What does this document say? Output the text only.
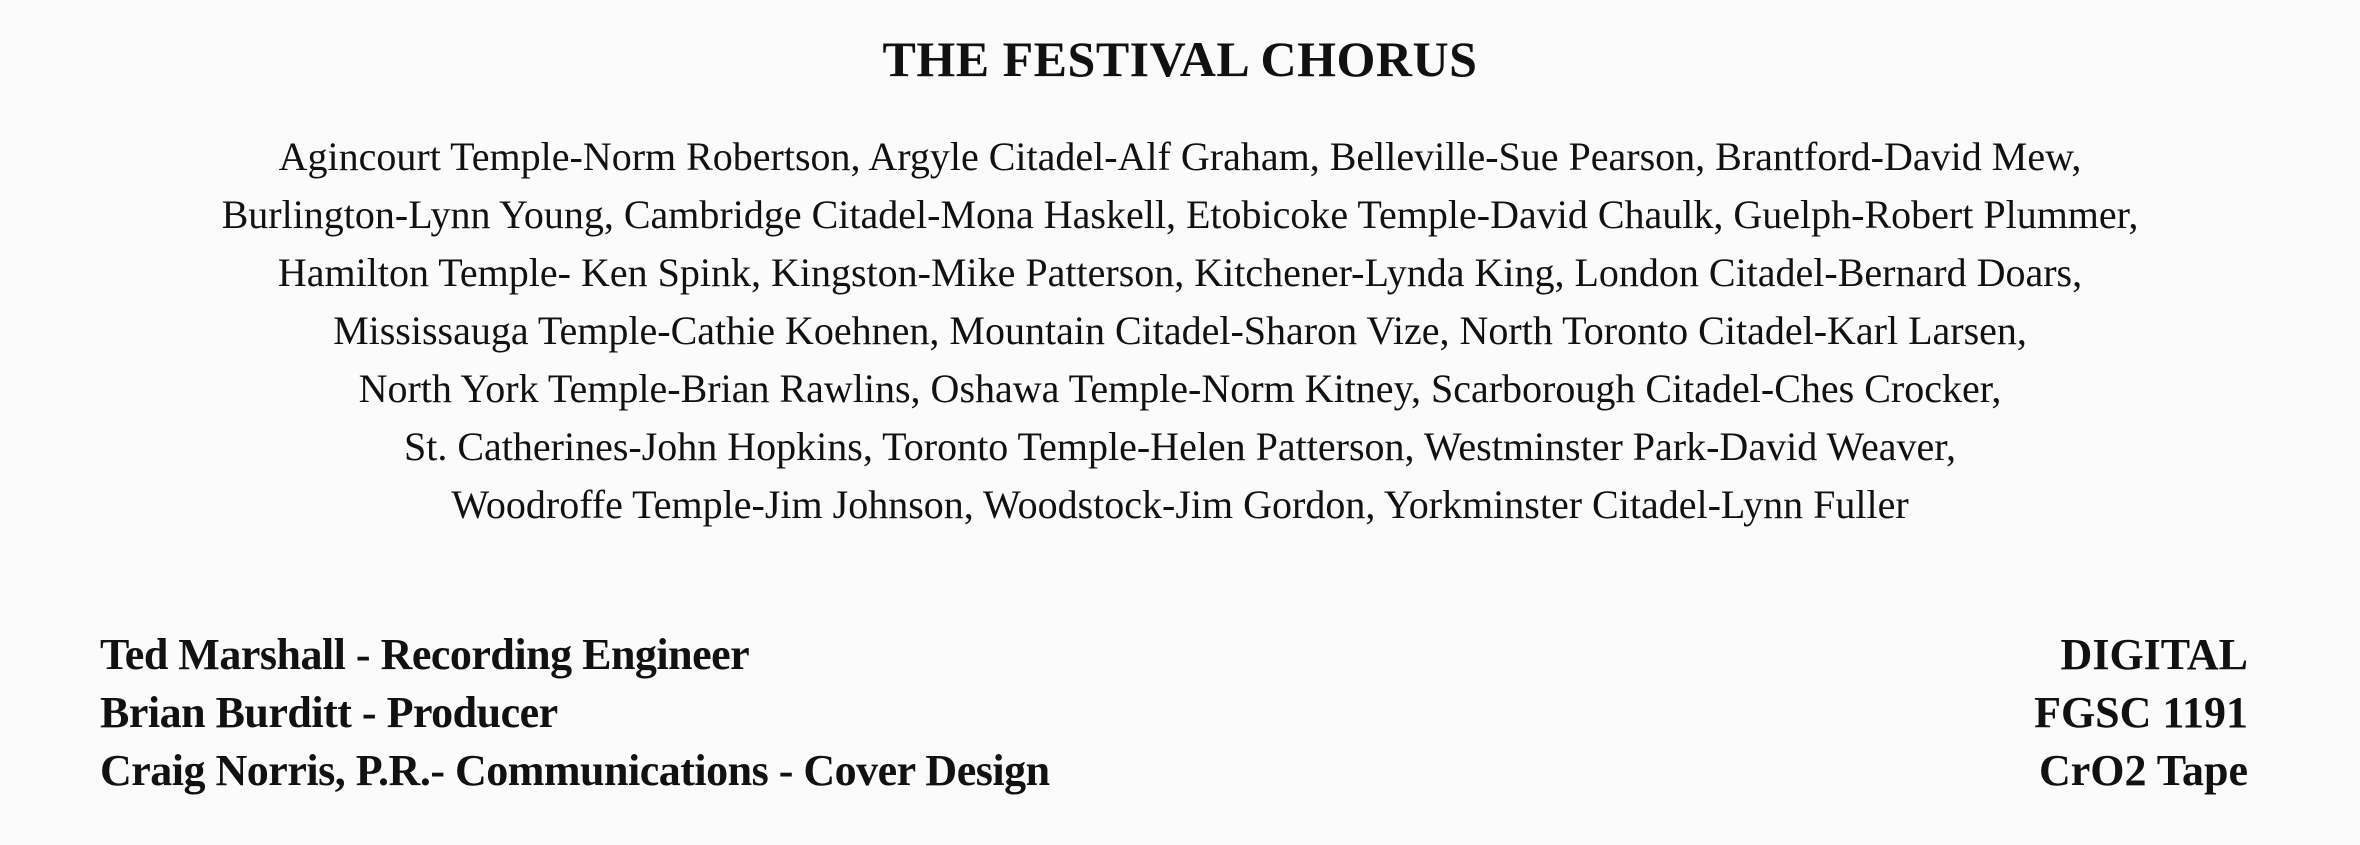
THE FESTIVAL CHORUS
Agincourt Temple-Norm Robertson, Argyle Citadel-Alf Graham, Belleville-Sue Pearson, Brantford-David Mew,
Burlington-Lynn Young, Cambridge Citadel-Mona Haskell, Etobicoke Temple-David Chaulk, Guelph-Robert Plummer,
Hamilton Temple- Ken Spink, Kingston-Mike Patterson, Kitchener-Lynda King, London Citadel-Bernard Doars,
Mississauga Temple-Cathie Koehnen, Mountain Citadel-Sharon Vize, North Toronto Citadel-Karl Larsen,
North York Temple-Brian Rawlins, Oshawa Temple-Norm Kitney, Scarborough Citadel-Ches Crocker,
St. Catherines-John Hopkins, Toronto Temple-Helen Patterson, Westminster Park-David Weaver,
Woodroffe Temple-Jim Johnson, Woodstock-Jim Gordon, Yorkminster Citadel-Lynn Fuller
Ted Marshall - Recording Engineer
Brian Burditt - Producer
Craig Norris, P.R.- Communications - Cover Design
DIGITAL
FGSC 1191
CrO2 Tape
